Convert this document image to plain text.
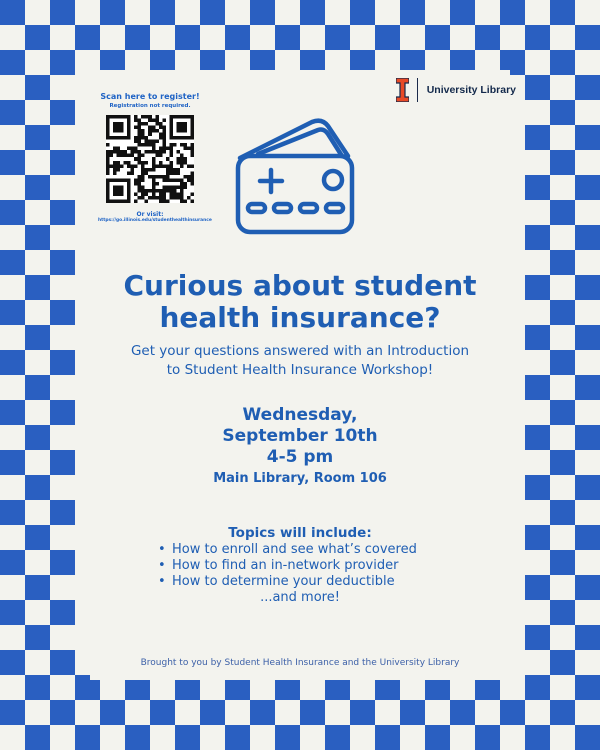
Scan here to register!
Registration not required.
Or visit:
https://go.illinois.edu/studenthealthinsurance
University Library
Curious about student
health insurance?

Get your questions answered with an Introduction
to Student Health Insurance Workshop!

Wednesday,
September 10th
4-5 pm
Main Library, Room 106
Topics will include:
• How to enroll and see what’s covered
• How to find an in-network provider
• How to determine your deductible
...and more!
Brought to you by Student Health Insurance and the University Library
